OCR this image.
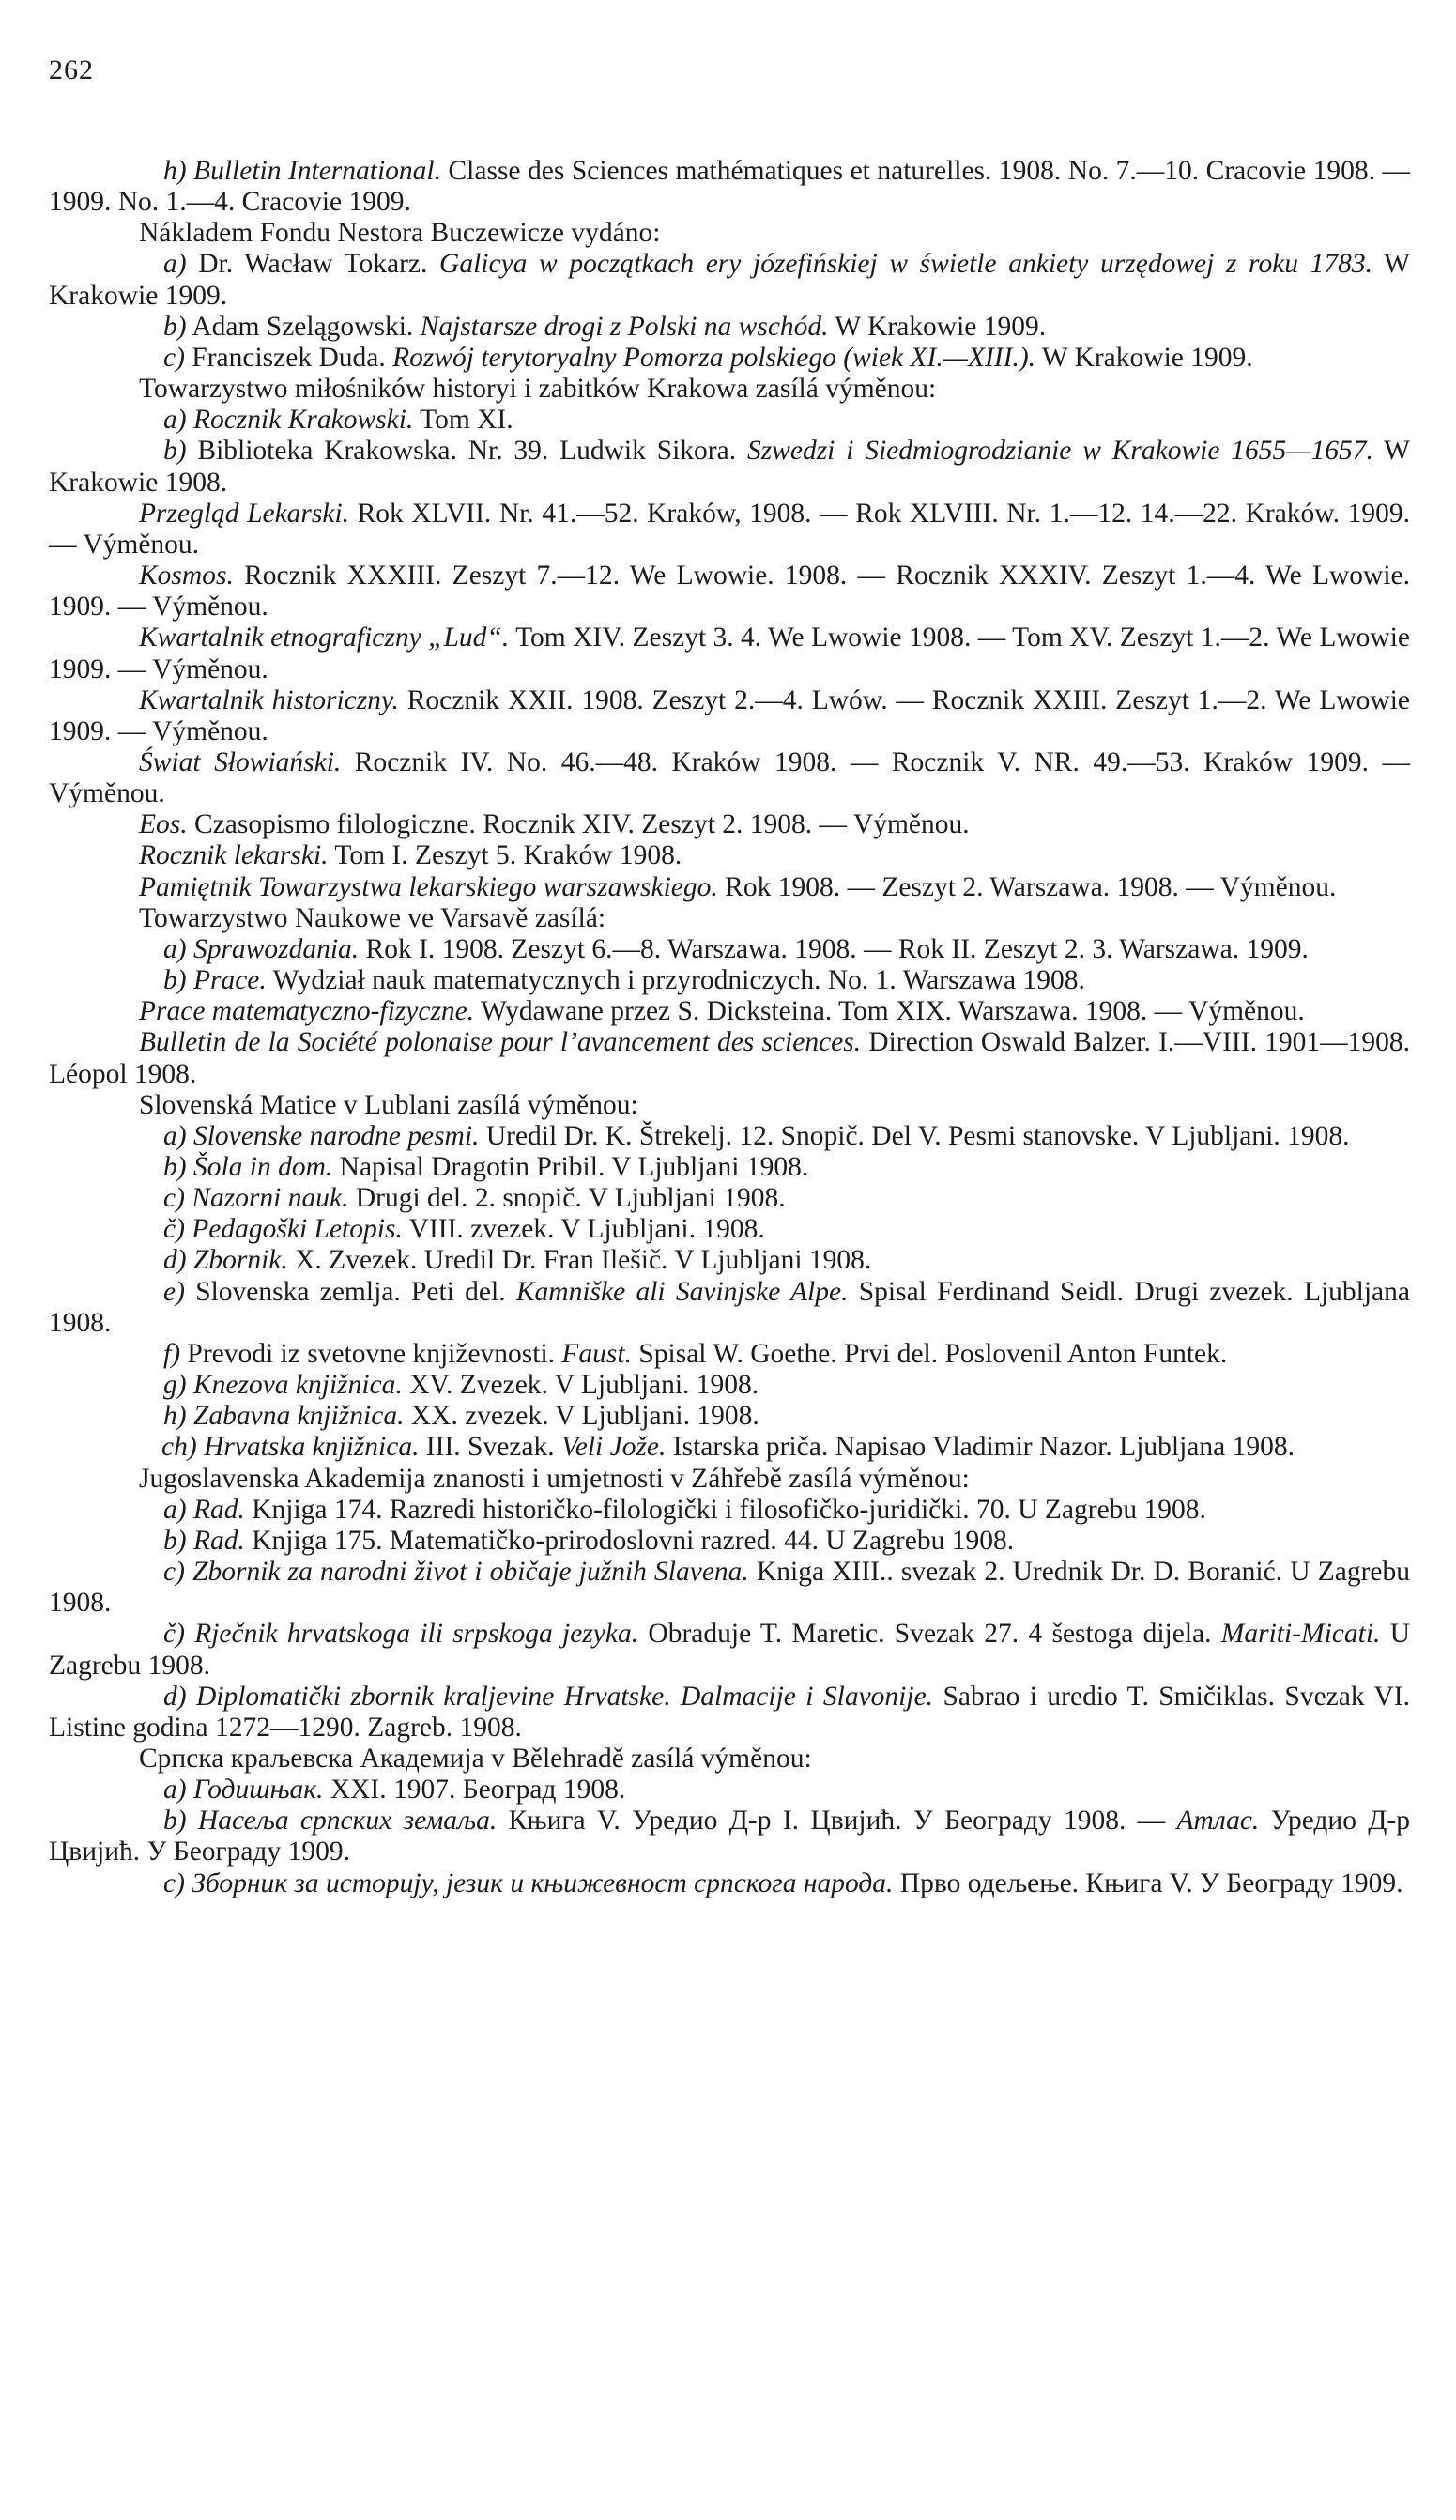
262

h) Bulletin International. Classe des Sciences mathématiques et naturelles. 1908. No. 7.—10. Cracovie 1908. — 1909. No. 1.—4. Cracovie 1909.

Nákladem Fondu Nestora Buczewicze vydáno:

a) Dr. Wacław Tokarz. Galicya w początkach ery józefińskiej w świetle ankiety urzędowej z roku 1783. W Krakowie 1909.

b) Adam Szelągowski. Najstarsze drogi z Polski na wschód. W Krakowie 1909.

c) Franciszek Duda. Rozwój terytoryalny Pomorza polskiego (wiek XI.—XIII.). W Krakowie 1909.

Towarzystwo miłośników historyi i zabitków Krakowa zasílá výměnou:

a) Rocznik Krakowski. Tom XI.

b) Biblioteka Krakowska. Nr. 39. Ludwik Sikora. Szwedzi i Siedmiogrodzianie w Krakowie 1655—1657. W Krakowie 1908.

Przegląd Lekarski. Rok XLVII. Nr. 41.—52. Kraków, 1908. — Rok XLVIII. Nr. 1.—12. 14.—22. Kraków. 1909. — Výměnou.

Kosmos. Rocznik XXXIII. Zeszyt 7.—12. We Lwowie. 1908. — Rocznik XXXIV. Zeszyt 1.—4. We Lwowie. 1909. — Výměnou.

Kwartalnik etnograficzny „Lud“. Tom XIV. Zeszyt 3. 4. We Lwowie 1908. — Tom XV. Zeszyt 1.—2. We Lwowie 1909. — Výměnou.

Kwartalnik historiczny. Rocznik XXII. 1908. Zeszyt 2.—4. Lwów. — Rocznik XXIII. Zeszyt 1.—2. We Lwowie 1909. — Výměnou.

Świat Słowiański. Rocznik IV. No. 46.—48. Kraków 1908. — Rocznik V. NR. 49.—53. Kraków 1909. — Výměnou.

Eos. Czasopismo filologiczne. Rocznik XIV. Zeszyt 2. 1908. — Výměnou.

Rocznik lekarski. Tom I. Zeszyt 5. Kraków 1908.

Pamiętnik Towarzystwa lekarskiego warszawskiego. Rok 1908. — Zeszyt 2. Warszawa. 1908. — Výměnou.

Towarzystwo Naukowe ve Varsavě zasílá:

a) Sprawozdania. Rok I. 1908. Zeszyt 6.—8. Warszawa. 1908. — Rok II. Zeszyt 2. 3. Warszawa. 1909.

b) Prace. Wydział nauk matematycznych i przyrodniczych. No. 1. Warszawa 1908.

Prace matematyczno-fizyczne. Wydawane przez S. Dicksteina. Tom XIX. Warszawa. 1908. — Výměnou.

Bulletin de la Société polonaise pour l’avancement des sciences. Direction Oswald Balzer. I.—VIII. 1901—1908. Léopol 1908.

Slovenská Matice v Lublani zasílá výměnou:

a) Slovenske narodne pesmi. Uredil Dr. K. Štrekelj. 12. Snopič. Del V. Pesmi stanovske. V Ljubljani. 1908.

b) Šola in dom. Napisal Dragotin Pribil. V Ljubljani 1908.

c) Nazorni nauk. Drugi del. 2. snopič. V Ljubljani 1908.

č) Pedagoški Letopis. VIII. zvezek. V Ljubljani. 1908.

d) Zbornik. X. Zvezek. Uredil Dr. Fran Ilešič. V Ljubljani 1908.

e) Slovenska zemlja. Peti del. Kamniške ali Savinjske Alpe. Spisal Ferdinand Seidl. Drugi zvezek. Ljubljana 1908.

f) Prevodi iz svetovne književnosti. Faust. Spisal W. Goethe. Prvi del. Poslovenil Anton Funtek.

g) Knezova knjižnica. XV. Zvezek. V Ljubljani. 1908.

h) Zabavna knjižnica. XX. zvezek. V Ljubljani. 1908.

ch) Hrvatska knjižnica. III. Svezak. Veli Jože. Istarska priča. Napisao Vladimir Nazor. Ljubljana 1908.

Jugoslavenska Akademija znanosti i umjetnosti v Záhřebě zasílá výměnou:

a) Rad. Knjiga 174. Razredi historičko-filologički i filosofičko-juridički. 70. U Zagrebu 1908.

b) Rad. Knjiga 175. Matematičko-prirodoslovni razred. 44. U Zagrebu 1908.

c) Zbornik za narodni život i običaje južnih Slavena. Kniga XIII.. svezak 2. Urednik Dr. D. Boranić. U Zagrebu 1908.

č) Rječnik hrvatskoga ili srpskoga jezyka. Obraduje T. Maretic. Svezak 27. 4 šestoga dijela. Mariti-Micati. U Zagrebu 1908.

d) Diplomatički zbornik kraljevine Hrvatske. Dalmacije i Slavonije. Sabrao i uredio T. Smičiklas. Svezak VI. Listine godina 1272—1290. Zagreb. 1908.

Српска краљевска Академија v Bělehradě zasílá výměnou:

a) Годишњак. XXI. 1907. Београд 1908.

b) Насеља српских земаља. Књига V. Уредио Д-р I. Цвијић. У Београду 1908. — Атлас. Уредио Д-р Цвијић. У Београду 1909.

c) Зборник за историју, језик и књижевност српскога народа. Прво одељење. Књига V. У Београду 1909.
